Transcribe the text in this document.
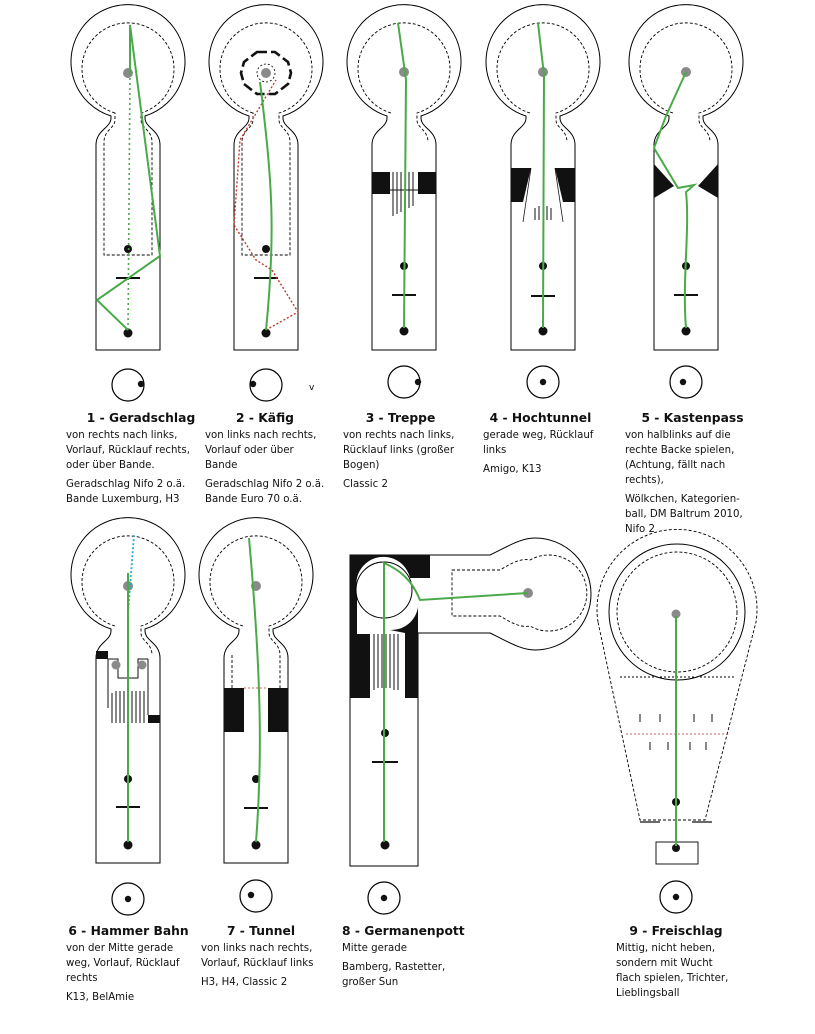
v
1 - Geradschlag

von rechts nach links, Vorlauf, Rücklauf rechts, oder über Bande.

Geradschlag Nifo 2 o.ä. Bande Luxemburg, H3

2 - Käfig

von links nach rechts, Vorlauf oder über Bande

Geradschlag Nifo 2 o.ä. Bande Euro 70 o.ä.

3 - Treppe

von rechts nach links, Rücklauf links (großer Bogen)

Classic 2

4 - Hochtunnel

gerade weg, Rücklauf links

Amigo, K13

5 - Kastenpass

von halblinks auf die rechte Backe spielen, (Achtung, fällt nach rechts),

Wölkchen, Kategorien-ball, DM Baltrum 2010, Nifo 2

6 - Hammer Bahn

von der Mitte gerade weg, Vorlauf, Rücklauf rechts

K13, BelAmie

7 - Tunnel

von links nach rechts, Vorlauf, Rücklauf links

H3, H4, Classic 2

8 - Germanenpott

Mitte gerade

Bamberg, Rastetter, großer Sun

9 - Freischlag

Mittig, nicht heben, sondern mit Wucht flach spielen, Trichter, Lieblingsball
